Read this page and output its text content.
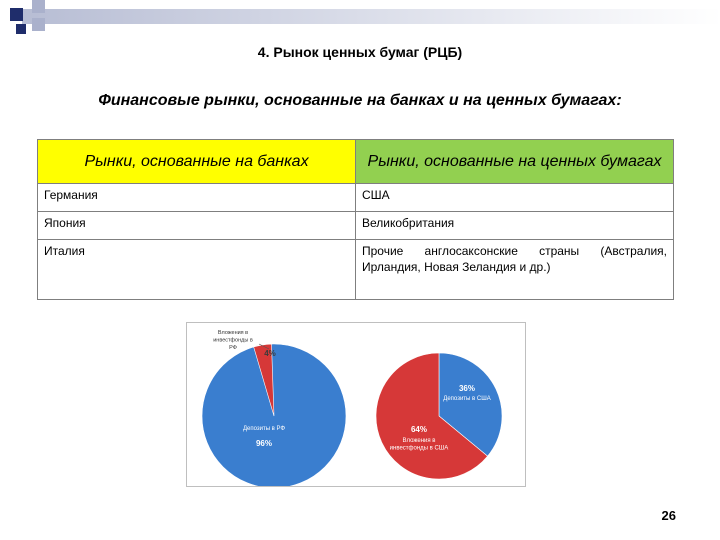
4. Рынок ценных бумаг (РЦБ)
Финансовые рынки, основанные на банках и на ценных бумагах:
Рынки, основанные на банках	Рынки, основанные на ценных бумагах
Германия	США
Япония	Великобритания
Италия	Прочие англосаксонские страны (Австралия, Ирландия, Новая Зеландия и др.)
4%
Депозиты в РФ
96%
Вложения в инвестфонды в РФ
36%
Депозиты в США
64%
Вложения в инвестфонды в США
26
